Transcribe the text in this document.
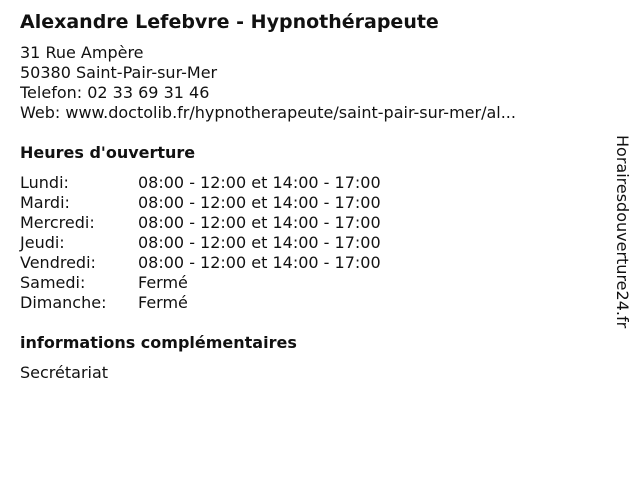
Alexandre Lefebvre - Hypnothérapeute
31 Rue Ampère
50380 Saint-Pair-sur-Mer
Telefon: 02 33 69 31 46
Web: www.doctolib.fr/hypnotherapeute/saint-pair-sur-mer/al...
Heures d'ouverture
Lundi:	08:00 - 12:00 et 14:00 - 17:00
Mardi:	08:00 - 12:00 et 14:00 - 17:00
Mercredi:	08:00 - 12:00 et 14:00 - 17:00
Jeudi:	08:00 - 12:00 et 14:00 - 17:00
Vendredi:	08:00 - 12:00 et 14:00 - 17:00
Samedi:	Fermé
Dimanche:	Fermé
informations complémentaires
Secrétariat
Horairesdouverture24.fr
